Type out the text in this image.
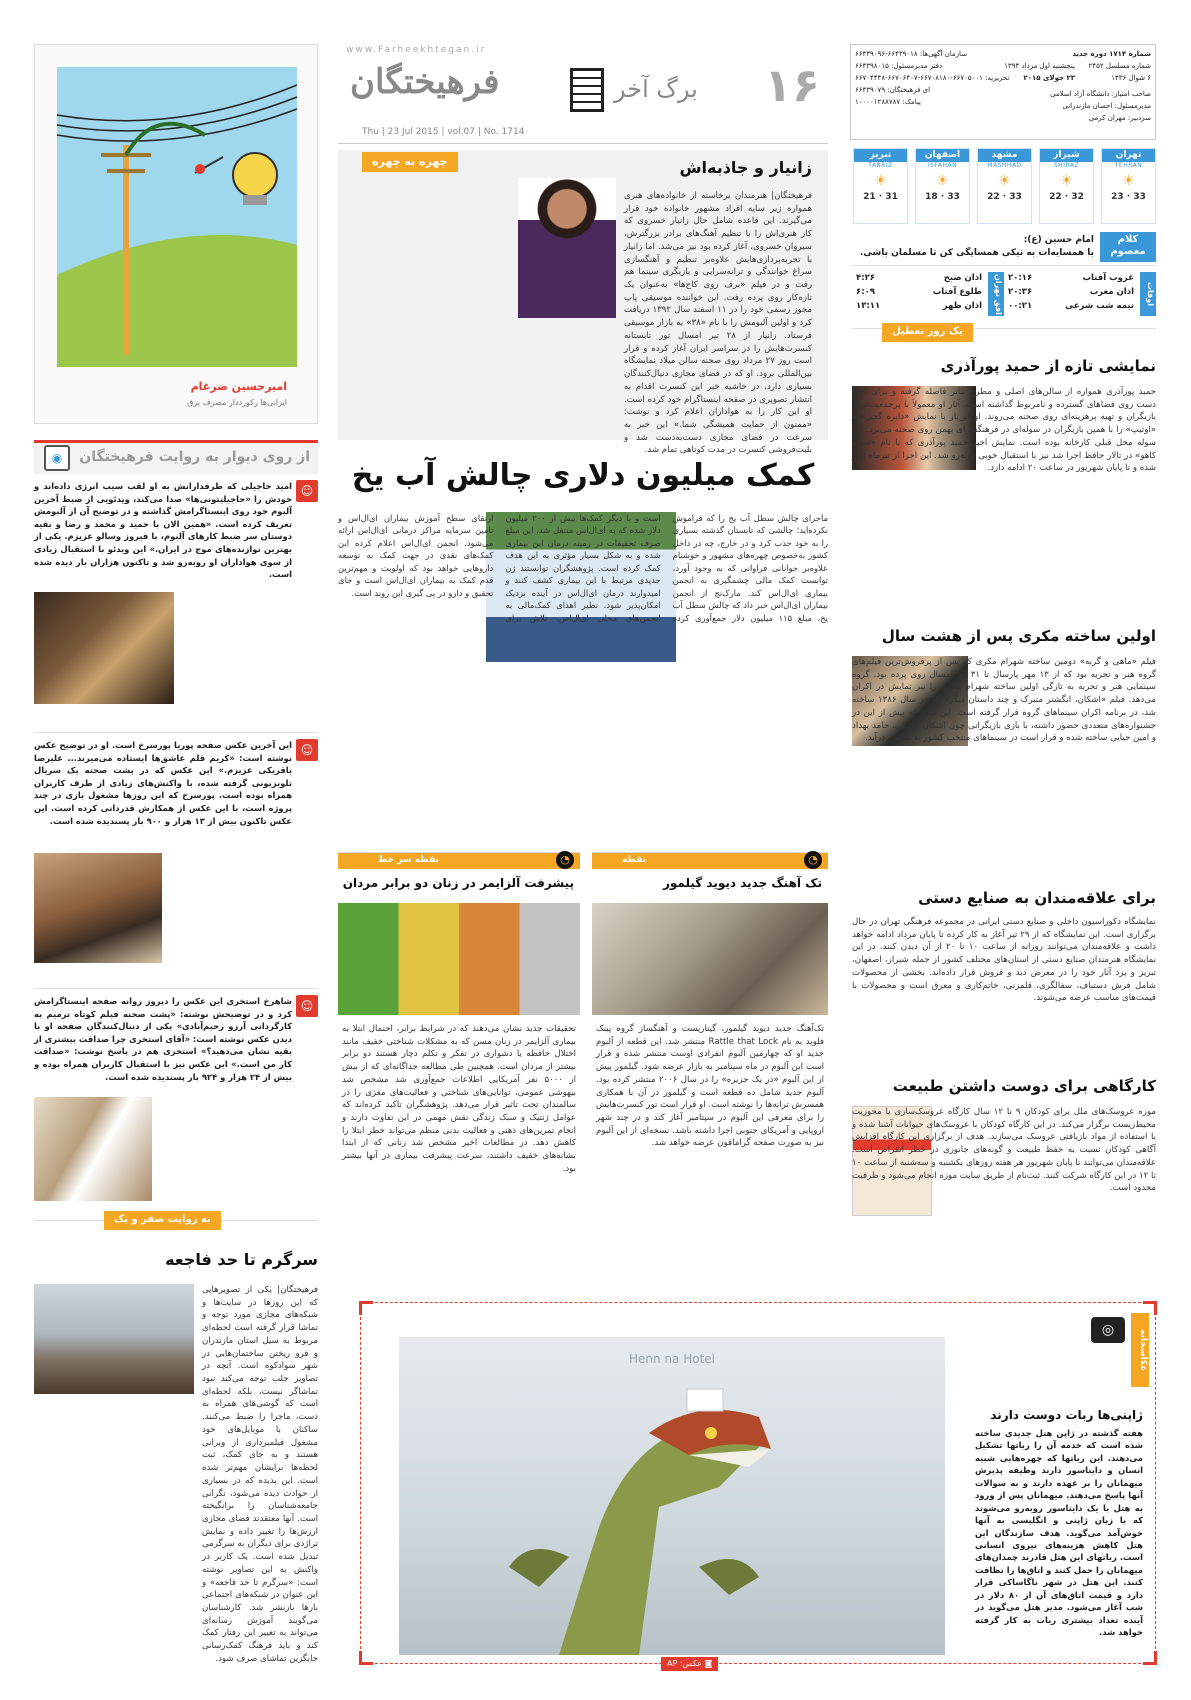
امیرحسین ضرغام
ایرانی‌ها رکورددار مصرف برق
از روی دیوار به روایت فرهیختگان
◉
☺
امید حاجیلی که طرفدارانش به او لقب سیب انرژی داده‌اند و خودش را «حاجیلیتونی‌ها» صدا می‌کند، ویدئویی از ضبط آخرین آلبوم خود روی اینستاگرامش گذاشته و در توضیح آن از آلبومش تعریف کرده است. «همین الان با حمید و محمد و رضا و بقیه دوستان سر ضبط کارهای آلبوم، با فیروز وسالو عزیزم. یکی از بهترین نوازنده‌های موج در ایران.» این ویدئو با استقبال زیادی از سوی هواداران او روبه‌رو شد و تاکنون هزاران بار دیده شده است.
☺
این آخرین عکس صفحه پوریا پورسرخ است. او در توضیح عکس نوشته است: «کریم قلم عاشق‌ها ایستاده می‌میرند... علیرضا باقریکی عزیزم.» این عکس که در پشت صحنه یک سریال تلویزیونی گرفته شده، با واکنش‌های زیادی از طرف کاربران همراه بوده است. پورسرخ که این روزها مشغول بازی در چند پروژه است، با این عکس از همکارش قدردانی کرده است. این عکس تاکنون بیش از ۱۳ هزار و ۹۰۰ بار پسندیده شده است.
☺
شاهرخ استخری این عکس را دیروز روانه صفحه اینستاگرامش کرد و در توضیحش نوشته: «پشت صحنه فیلم کوتاه ترمیم به کارگردانی آرزو رحیم‌آبادی» یکی از دنبال‌کنندگان صفحه او با دیدن عکس نوشته است: «آقای استخری چرا صداقت بیشتری از بقیه نشان می‌دهید؟» استخری هم در پاسخ نوشت: «صداقت کار من است.» این عکس نیز با استقبال کاربران همراه بوده و بیش از ۲۴ هزار و ۹۲۴ بار پسندیده شده است.
به روایت صفر و یک
سرگرم تا حد فاجعه
فرهیختگان| یکی از تصویرهایی که این روزها در سایت‌ها و شبکه‌های مجازی مورد توجه و تماشا قرار گرفته است لحظه‌ای مربوط به سیل استان مازندران و فرو ریختن ساختمان‌هایی در شهر سوادکوه است. آنچه در تصاویر جلب توجه می‌کند نبود تماشاگر نیست، بلکه لحظه‌ای است که گوشی‌های همراه به دست، ماجرا را ضبط می‌کنند. ساکنان با موبایل‌های خود مشغول فیلمبرداری از ویرانی هستند و به جای کمک، ثبت لحظه‌ها برایشان مهم‌تر شده است. این پدیده که در بسیاری از حوادث دیده می‌شود، نگرانی جامعه‌شناسان را برانگیخته است. آنها معتقدند فضای مجازی ارزش‌ها را تغییر داده و نمایش تراژدی برای دیگران به سرگرمی تبدیل شده است. یک کاربر در واکنش به این تصاویر نوشته است: «سرگرم تا حد فاجعه» و این عنوان در شبکه‌های اجتماعی بارها بازنشر شد. کارشناسان می‌گویند آموزش رسانه‌ای می‌تواند به تغییر این رفتار کمک کند و باید فرهنگ کمک‌رسانی جایگزین تماشای صرف شود.
www.Farheekhtegan.ir
فرهیختگان
Thu | 23 Jul 2015 | vol.07 | No. 1714
برگ آخر ۱۶
چهره به چهره	زانیار و جاذبه‌اش
فرهیختگان| هنرمندان برخاسته از خانواده‌های هنری همواره زیر سایه افراد مشهور خانواده خود قرار می‌گیرند. این قاعده شامل حال زانیار خسروی که کار هنری‌اش را با تنظیم آهنگ‌های برادر بزرگترش، سیروان خسروی، آغاز کرده بود نیز می‌شد. اما زانیار با تجربه‌پردازی‌هایش علاوه‌بر تنظیم و آهنگسازی سراغ خوانندگی و ترانه‌سرایی و بازیگری سینما هم رفت و در فیلم «برف روی کاج‌ها» به‌عنوان یک تازه‌کار روی پرده رفت. این خواننده موسیقی پاپ مجوز رسمی خود را در ۱۱ اسفند سال ۱۳۹۲ دریافت کرد و اولین آلبومش را با نام «۳۸» به بازار موسیقی فرستاد. زانیار از ۲۸ تیر امسال تور تابستانه کنسرت‌هایش را در سراسر ایران آغاز کرده و قرار است روز ۲۷ مرداد روی صحنه سالن میلاد نمایشگاه بین‌المللی برود. او که در فضای مجازی دنبال‌کنندگان بسیاری دارد، در حاشیه خبر این کنسرت اقدام به انتشار تصویری در صفحه اینستاگرام خود کرده است. او این کار را به هواداران اعلام کرد و نوشت: «ممنون از حمایت همیشگی شما.» این خبر به سرعت در فضای مجازی دست‌به‌دست شد و بلیت‌فروشی کنسرت در مدت کوتاهی تمام شد.
کمک میلیون دلاری چالش آب یخ
ماجرای چالش سطل آب یخ را که فراموش نکرده‌اید؛ چالشی که تابستان گذشته بسیاری را به خود جذب کرد و در خارج، چه در داخل کشور به‌خصوص چهره‌های مشهور و خوشنام علاوه‌بر جوانانی فراوانی که به وجود آورد، توانست کمک مالی چشمگیری به انجمن بیماری ای‌ال‌اس کند. مارک‌نج از انجمن بیماران ای‌ال‌اس خبر داد که چالش سطل آب یخ، مبلغ ۱۱۵ میلیون دلار جمع‌آوری کرده است و با دیگر کمک‌ها بیش از ۲۰۰ میلیون دلار شده که به ای‌ال‌اس منتقل شد. این مبلغ صرف تحقیقات در زمینه درمان این بیماری شده و به شکل بسیار مؤثری به این هدف کمک کرده است. پژوهشگران توانستند ژن جدیدی مرتبط با این بیماری کشف کنند و امیدوارند درمان ای‌ال‌اس در آینده نزدیک امکان‌پذیر شود. نظیر اهدای کمک‌مالی به انجمن‌های محلی ای‌ال‌اس، تلاش برای ارتقای سطح آموزش بیماران ای‌ال‌اس و تامین سرمایه مراکز درمانی ای‌ال‌اس ارائه می‌شود. انجمن ای‌ال‌اس اعلام کرده این کمک‌های نقدی در جهت کمک به توسعه داروهایی خواهد بود که اولویت و مهم‌ترین قدم کمک به بیماران ای‌ال‌اس است و جای تحقیق و دارو در پی گیری این روند است.
نقطه سر خط	◔
پیشرفت آلزایمر در زنان دو برابر مردان
تحقیقات جدید نشان می‌دهند که در شرایط برابر، احتمال ابتلا به بیماری آلزایمر در زنان مسن که به مشکلات شناختی خفیف مانند اختلال حافظه یا دشواری در تفکر و تکلم دچار هستند دو برابر بیشتر از مردان است. همچنین طی مطالعه جداگانه‌ای که از بیش از ۵۰۰۰ نفر آمریکایی اطلاعات جمع‌آوری شد مشخص شد بیهوشی عمومی، توانایی‌های شناختی و فعالیت‌های مغزی را در سالمندان تحت تاثیر قرار می‌دهد. پژوهشگران تاکید کرده‌اند که عوامل ژنتیک و سبک زندگی نقش مهمی در این تفاوت دارند و انجام تمرین‌های ذهنی و فعالیت بدنی منظم می‌تواند خطر ابتلا را کاهش دهد. در مطالعات اخیر مشخص شد زنانی که از ابتدا نشانه‌های خفیف داشتند، سرعت پیشرفت بیماری در آنها بیشتر بود.
نقطه	◔
تک آهنگ جدید دیوید گیلمور
تک‌آهنگ جدید دیوید گیلمور، گیتاریست و آهنگساز گروه پینک فلوید به نام Rattle that Lock منتشر شد. این قطعه از آلبوم جدید او که چهارمین آلبوم انفرادی اوست منتشر شده و قرار است این آلبوم در ماه سپتامبر به بازار عرضه شود. گیلمور پیش از این آلبوم «در یک جزیره» را در سال ۲۰۰۶ منتشر کرده بود. آلبوم جدید شامل ده قطعه است و گیلمور در آن با همکاری همسرش ترانه‌ها را نوشته است. او قرار است تور کنسرت‌هایش را برای معرفی این آلبوم در سپتامبر آغاز کند و در چند شهر اروپایی و آمریکای جنوبی اجرا داشته باشد. نسخه‌ای از این آلبوم نیز به صورت صفحه گرامافون عرضه خواهد شد.
شماره ۱۷۱۴ دوره جدید
شماره مسلسل ۲۴۵۲
پنجشنبه اول مرداد ۱۳۹۴
۶ شوال ۱۴۳۶
۲۳ جولای ۲۰۱۵
سازمان آگهی‌ها: ۶۶۴۳۹۰۱۸-۶۶۴۳۹۰۹۶
دفتر مدیرمسئول: ۶۶۴۳۹۸۰۱۵
تحریریه: ۶۶۷۰۵۰۰۱-۶۶۷۰۸۱۸۰-۶۶۷۰۶۴۰۷-۶۶۷۰۴۴۴۸
ای فرهیختگان: ۶۶۴۳۹۰۷۹
پیامک: ۱۰۰۰۰۱۲۸۸۷۸۷
صاحب امتیاز: دانشگاه آزاد اسلامی
مدیرمسئول: احسان مازندرانی
سردبیر: مهران کرمی
تهران
TEHRAN
☀
33 · 23
شیراز
SHIRAZ
☀
32 · 22
مشهد
MASHHAD
☀
33 · 22
اصفهان
ISFAHAN
☀
33 · 18
تبریز
TABRIZ
☀
31 · 21
کلام معصوم
امام حسین (ع):
با همسایه‌ات به نیکی همسایگی کن تا مسلمان باشی.
اوقات
افق تهران	غروب آفتاب
۲۰:۱۶
اذان مغرب
۲۰:۳۶
نیمه شب شرعی
۰۰:۲۱
اذان صبح
۴:۲۶
طلوع آفتاب
۶:۰۹
اذان ظهر
۱۳:۱۱
یک روز تعطیل
نمایشی تازه از حمید پورآذری
حمید پورآذری همواره از سالن‌های اصلی و مطرح تئاتر فاصله گرفته و برای اجرا دست روی فضاهای گسترده و نامربوط گذاشته است. آثار او معمولاً با پرجمعیت‌ترین بازیگران و تهیه پرهزینه‌ای روی صحنه می‌روند. او این‌بار با نمایش «دایره گچی» و «اوتیپ» را با همین بازیگران در سوله‌ای در فرهنگسرای بهمن روی صحنه می‌برد. این سوله محل قبلی کارخانه بوده است. نمایش اخیر حمید پورآذری که با نام «سالاد کاهو» در تالار حافظ اجرا شد نیز با استقبال خوبی روبه‌رو شد. این اجرا از تیرماه آغاز شده و تا پایان شهریور در ساعت ۲۰ ادامه دارد.
اولین ساخته مکری پس از هشت سال
فیلم «ماهی و گربه» دومین ساخته شهرام مکری که پس از پرفروش‌ترین فیلم‌های گروه هنر و تجربه بود که از ۱۳ مهر پارسال تا ۳۱ تیر امسال روی پرده بود. گروه سینمایی هنر و تجربه به تازگی اولین ساخته شهرام مکری را نیز نمایش در اکران می‌دهد. فیلم «اشکان، انگشتر متبرک و چند داستان دیگر» که در سال ۱۳۸۶ ساخته شد، در برنامه اکران سینماهای گروه قرار گرفته است. این فیلم که پیش از این در جشنواره‌های متعددی حضور داشته، با بازی بازیگرانی چون اشکان خطیبی، حامد بهداد و امین حیایی ساخته شده و قرار است در سینماهای منتخب کشور به نمایش درآید.
برای علاقه‌مندان به صنایع دستی
نمایشگاه دکوراسیون داخلی و صنایع دستی ایرانی در مجموعه فرهنگی تهران در حال برگزاری است. این نمایشگاه که از ۲۹ تیر آغاز به کار کرده تا پایان مرداد ادامه خواهد داشت و علاقه‌مندان می‌توانند روزانه از ساعت ۱۰ تا ۲۰ از آن دیدن کنند. در این نمایشگاه هنرمندان صنایع دستی از استان‌های مختلف کشور از جمله شیراز، اصفهان، تبریز و یزد آثار خود را در معرض دید و فروش قرار داده‌اند. بخشی از محصولات شامل فرش دستباف، سفالگری، قلمزنی، خاتم‌کاری و معرق است و محصولات با قیمت‌های مناسب عرضه می‌شوند.
کارگاهی برای دوست داشتن طبیعت
موزه عروسک‌های ملل برای کودکان ۹ تا ۱۲ سال کارگاه عروسک‌سازی با محوریت محیط‌زیست برگزار می‌کند. در این کارگاه کودکان با عروسک‌های حیوانات آشنا شده و با استفاده از مواد بازیافتی عروسک می‌سازند. هدف از برگزاری این کارگاه افزایش آگاهی کودکان نسبت به حفظ طبیعت و گونه‌های جانوری در خطر انقراض است. علاقه‌مندان می‌توانند تا پایان شهریور هر هفته روزهای یکشنبه و سه‌شنبه از ساعت ۱۰ تا ۱۲ در این کارگاه شرکت کنند. ثبت‌نام از طریق سایت موزه انجام می‌شود و ظرفیت محدود است.
عکاسخانه
◎
ژاپنی‌ها ربات دوست دارند
هفته گذشته در ژاپن هتل جدیدی ساخته شده است که خدمه آن را رباتها تشکیل می‌دهند. این رباتها که چهره‌هایی شبیه انسان و دایناسور دارند وظیفه پذیرش میهمانان را بر عهده دارند و به سوالات آنها پاسخ می‌دهند. میهمانان پس از ورود به هتل با یک دایناسور روبه‌رو می‌شوند که با زبان ژاپنی و انگلیسی به آنها خوش‌آمد می‌گوید. هدف سازندگان این هتل کاهش هزینه‌های نیروی انسانی است. رباتهای این هتل قادرند چمدان‌های میهمانان را حمل کنند و اتاق‌ها را نظافت کنند. این هتل در شهر ناگاساکی قرار دارد و قیمت اتاق‌های آن از ۸۰ دلار در شب آغاز می‌شود. مدیر هتل می‌گوید در آینده تعداد بیشتری ربات به کار گرفته خواهد شد.
Henn na Hotel
◙ عکس: AP
